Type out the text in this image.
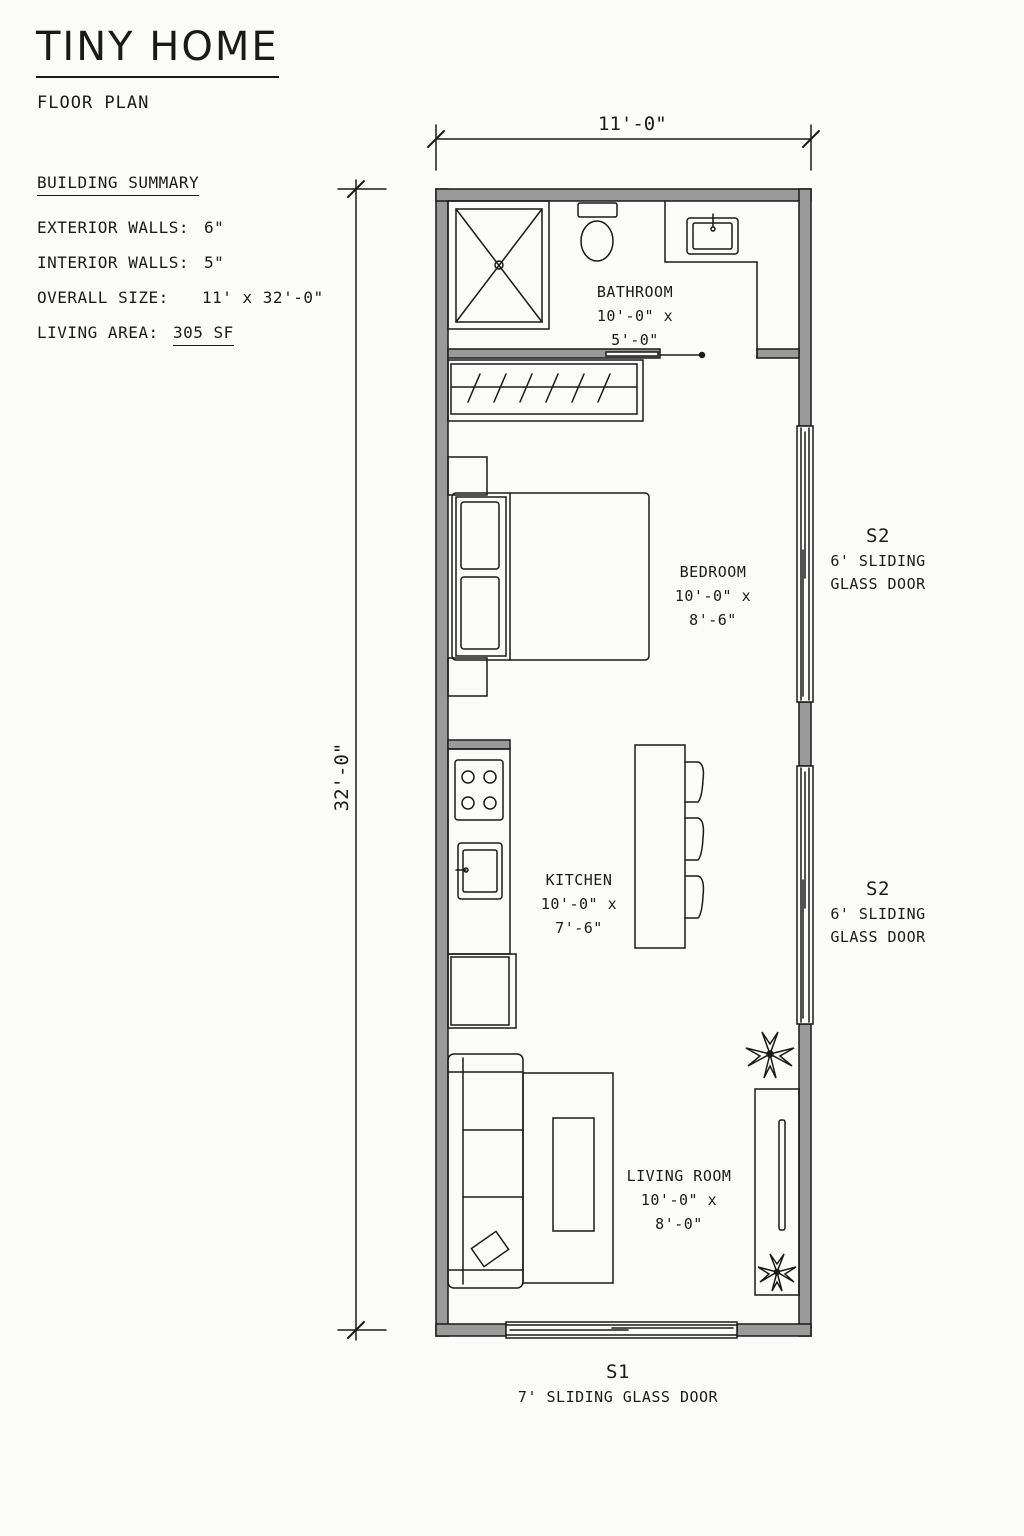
TINY HOME
FLOOR PLAN
BUILDING SUMMARY
EXTERIOR WALLS: 6"
INTERIOR WALLS: 5"
OVERALL SIZE: 11' x 32'-0"
LIVING AREA: 305 SF
11'-0"
32'-0"
BATHROOM
10'-0" x 5'-0"
BEDROOM
10'-0" x 8'-6"
KITCHEN
10'-0" x 7'-6"
LIVING ROOM
10'-0" x 8'-0"
S2
6' SLIDING
GLASS DOOR
S2
6' SLIDING
GLASS DOOR
S1
7' SLIDING GLASS DOOR
